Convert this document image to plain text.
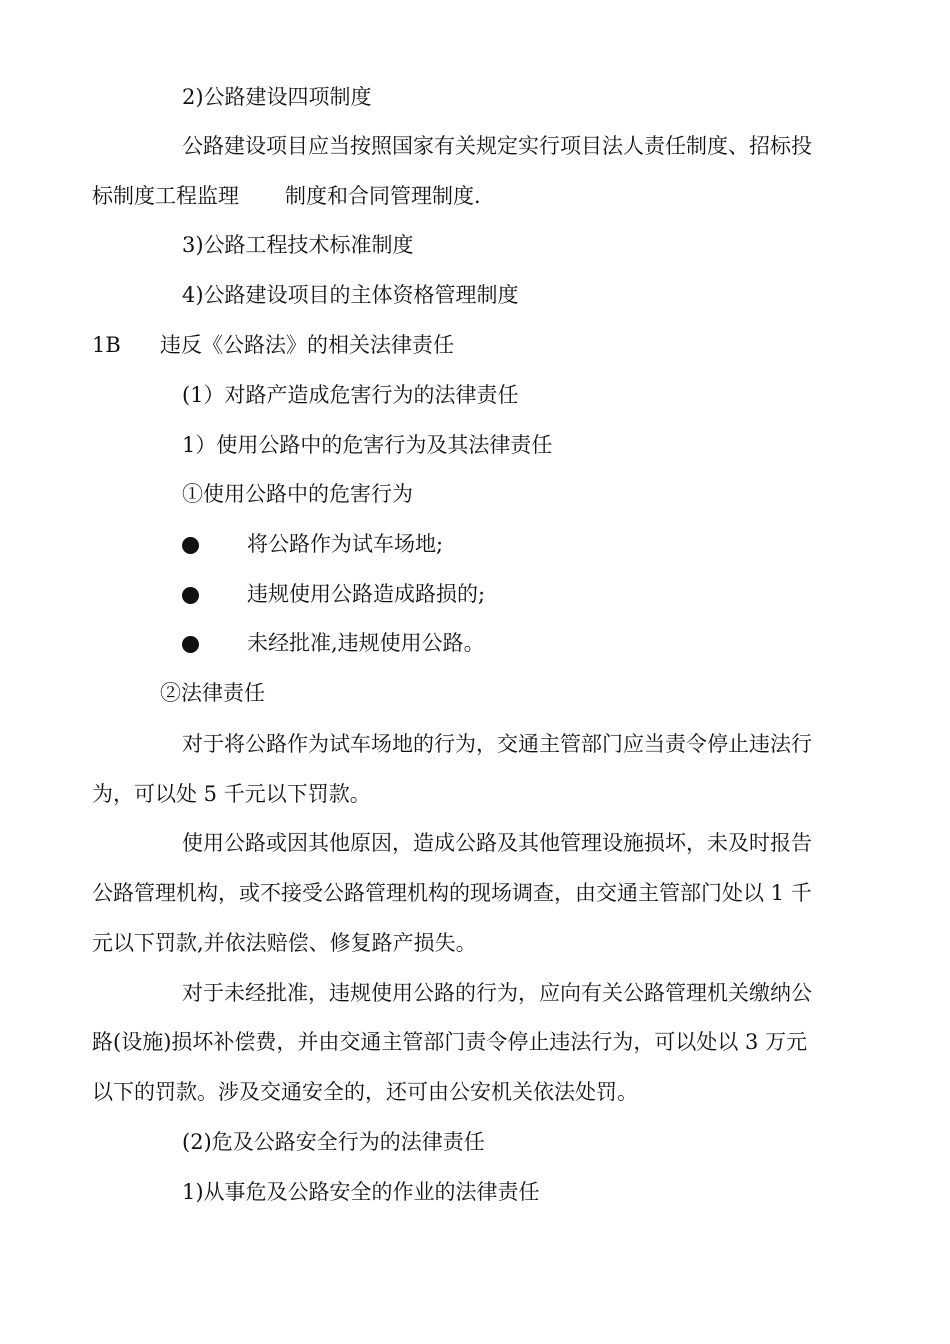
2)公路建设四项制度
公路建设项目应当按照国家有关规定实行项目法人责任制度、招标投
标制度工程监理 制度和合同管理制度.
3)公路工程技术标准制度
4)公路建设项目的主体资格管理制度
1B 违反《公路法》的相关法律责任
(1）对路产造成危害行为的法律责任
1）使用公路中的危害行为及其法律责任
①使用公路中的危害行为
将公路作为试车场地;
违规使用公路造成路损的;
未经批准,违规使用公路。
②法律责任
对于将公路作为试车场地的行为，交通主管部门应当责令停止违法行
为，可以处 5 千元以下罚款。
使用公路或因其他原因，造成公路及其他管理设施损坏，未及时报告
公路管理机构，或不接受公路管理机构的现场调查，由交通主管部门处以 1 千
元以下罚款,并依法赔偿、修复路产损失。
对于未经批准，违规使用公路的行为，应向有关公路管理机关缴纳公
路(设施)损坏补偿费，并由交通主管部门责令停止违法行为，可以处以 3 万元
以下的罚款。涉及交通安全的，还可由公安机关依法处罚。
(2)危及公路安全行为的法律责任
1)从事危及公路安全的作业的法律责任
